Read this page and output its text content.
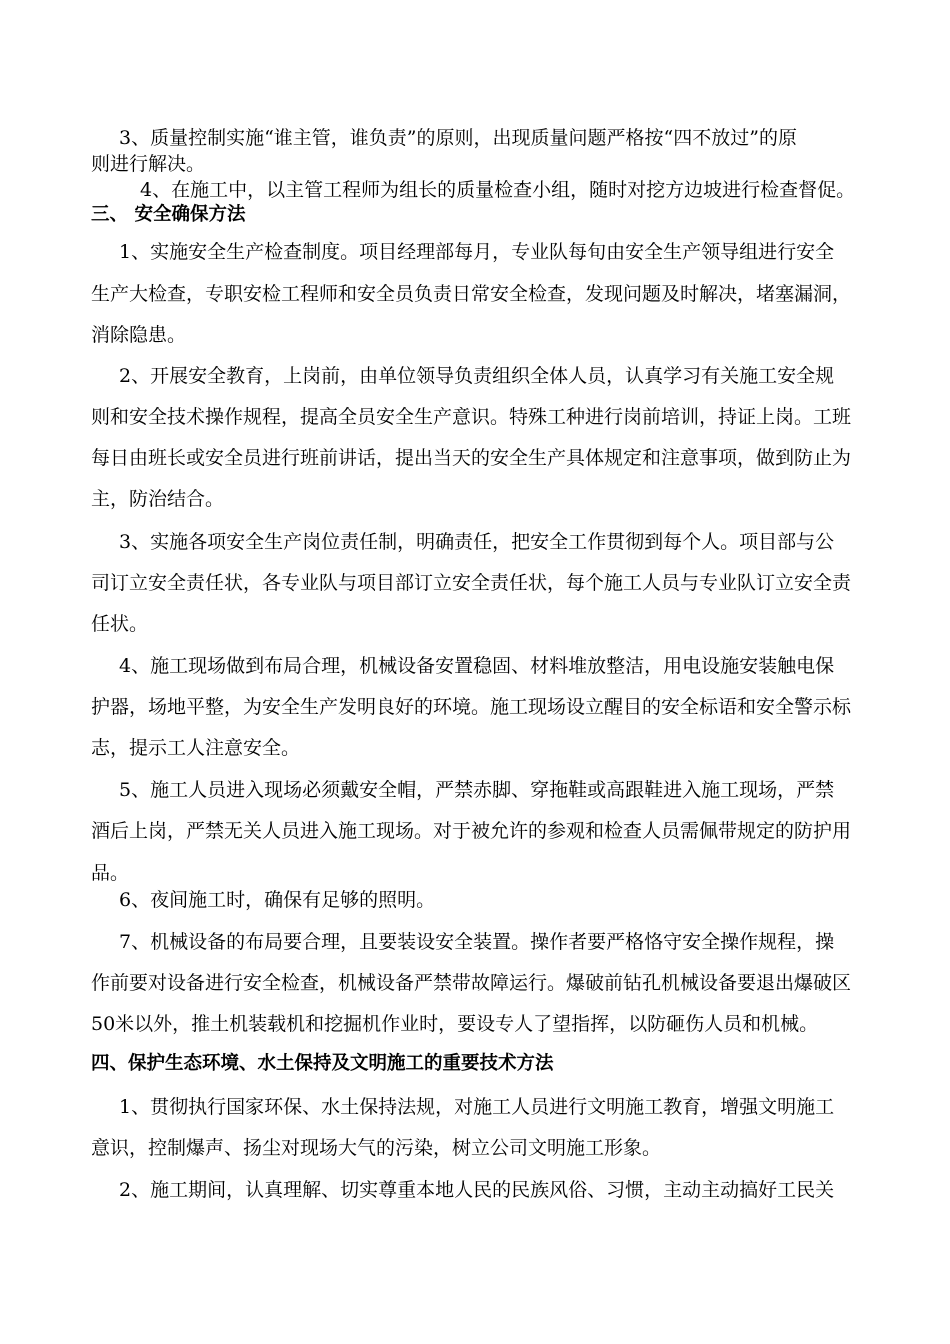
3、质量控制实施“谁主管，谁负责”的原则，出现质量问题严格按“四不放过”的原
则进行解决。
4、在施工中，以主管工程师为组长的质量检查小组，随时对挖方边坡进行检查督促。
三、 安全确保方法
1、实施安全生产检查制度。项目经理部每月，专业队每旬由安全生产领导组进行安全
生产大检查，专职安检工程师和安全员负责日常安全检查，发现问题及时解决，堵塞漏洞，
消除隐患。
2、开展安全教育，上岗前，由单位领导负责组织全体人员，认真学习有关施工安全规
则和安全技术操作规程，提高全员安全生产意识。特殊工种进行岗前培训，持证上岗。工班
每日由班长或安全员进行班前讲话，提出当天的安全生产具体规定和注意事项，做到防止为
主，防治结合。
3、实施各项安全生产岗位责任制，明确责任，把安全工作贯彻到每个人。项目部与公
司订立安全责任状，各专业队与项目部订立安全责任状，每个施工人员与专业队订立安全责
任状。
4、施工现场做到布局合理，机械设备安置稳固、材料堆放整洁，用电设施安装触电保
护器，场地平整，为安全生产发明良好的环境。施工现场设立醒目的安全标语和安全警示标
志，提示工人注意安全。
5、施工人员进入现场必须戴安全帽，严禁赤脚、穿拖鞋或高跟鞋进入施工现场，严禁
酒后上岗，严禁无关人员进入施工现场。对于被允许的参观和检查人员需佩带规定的防护用
品。
6、夜间施工时，确保有足够的照明。
7、机械设备的布局要合理，且要装设安全装置。操作者要严格恪守安全操作规程，操
作前要对设备进行安全检查，机械设备严禁带故障运行。爆破前钻孔机械设备要退出爆破区
50米以外，推土机装载机和挖掘机作业时，要设专人了望指挥，以防砸伤人员和机械。
四、保护生态环境、水土保持及文明施工的重要技术方法
1、贯彻执行国家环保、水土保持法规，对施工人员进行文明施工教育，增强文明施工
意识，控制爆声、扬尘对现场大气的污染，树立公司文明施工形象。
2、施工期间，认真理解、切实尊重本地人民的民族风俗、习惯，主动主动搞好工民关
